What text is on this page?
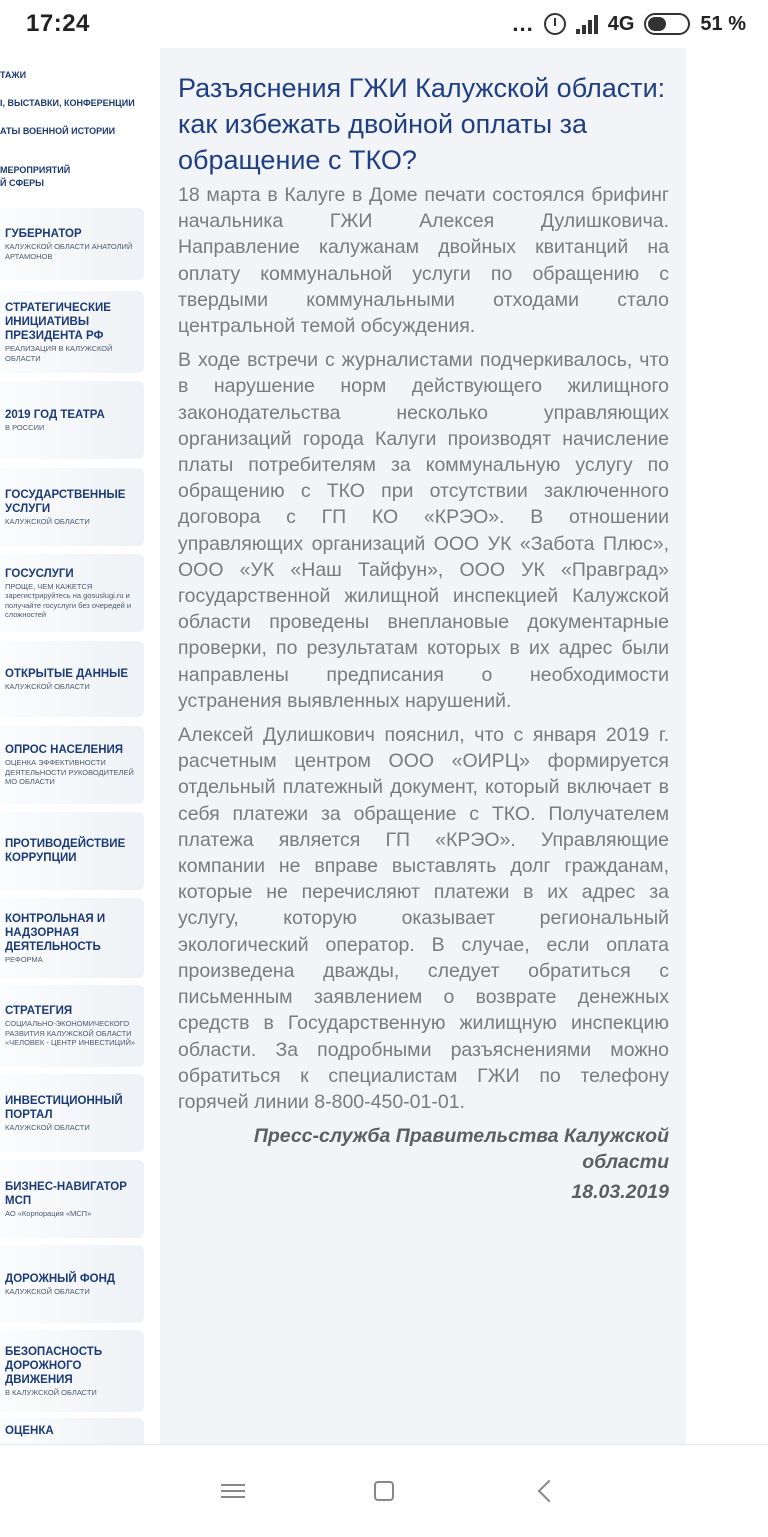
17:24	...	4G	51 %
ТАЖИ
І, ВЫСТАВКИ, КОНФЕРЕНЦИИ
АТЫ ВОЕННОЙ ИСТОРИИ
МЕРОПРИЯТИЙ
Й СФЕРЫ
ГУБЕРНАТОР
КАЛУЖСКОЙ ОБЛАСТИ АНАТОЛИЙ АРТАМОНОВ
СТРАТЕГИЧЕСКИЕ ИНИЦИАТИВЫ ПРЕЗИДЕНТА РФ
РЕАЛИЗАЦИЯ В КАЛУЖСКОЙ ОБЛАСТИ
2019 ГОД ТЕАТРА
В РОССИИ
ГОСУДАРСТВЕННЫЕ УСЛУГИ
КАЛУЖСКОЙ ОБЛАСТИ
ГОСУСЛУГИ
ПРОЩЕ, ЧЕМ КАЖЕТСЯ зарегистрируйтесь на gosuslugi.ru и получайте госуслуги без очередей и сложностей
ОТКРЫТЫЕ ДАННЫЕ
КАЛУЖСКОЙ ОБЛАСТИ
ОПРОС НАСЕЛЕНИЯ
ОЦЕНКА ЭФФЕКТИВНОСТИ ДЕЯТЕЛЬНОСТИ РУКОВОДИТЕЛЕЙ МО ОБЛАСТИ
ПРОТИВОДЕЙСТВИЕ КОРРУПЦИИ
КОНТРОЛЬНАЯ И НАДЗОРНАЯ ДЕЯТЕЛЬНОСТЬ
РЕФОРМА
СТРАТЕГИЯ
СОЦИАЛЬНО-ЭКОНОМИЧЕСКОГО РАЗВИТИЯ КАЛУЖСКОЙ ОБЛАСТИ «ЧЕЛОВЕК - ЦЕНТР ИНВЕСТИЦИЙ»
ИНВЕСТИЦИОННЫЙ ПОРТАЛ
КАЛУЖСКОЙ ОБЛАСТИ
БИЗНЕС-НАВИГАТОР МСП
АО «Корпорация «МСП»
ДОРОЖНЫЙ ФОНД
КАЛУЖСКОЙ ОБЛАСТИ
БЕЗОПАСНОСТЬ ДОРОЖНОГО ДВИЖЕНИЯ
В КАЛУЖСКОЙ ОБЛАСТИ
ОЦЕНКА
Разъяснения ГЖИ Калужской области: как избежать двойной оплаты за обращение с ТКО?

18 марта в Калуге в Доме печати состоялся брифинг начальника ГЖИ Алексея Дулишковича. Направление калужанам двойных квитанций на оплату коммунальной услуги по обращению с твердыми коммунальными отходами стало центральной темой обсуждения.

В ходе встречи с журналистами подчеркивалось, что в нарушение норм действующего жилищного законодательства несколько управляющих организаций города Калуги производят начисление платы потребителям за коммунальную услугу по обращению с ТКО при отсутствии заключенного договора с ГП КО «КРЭО». В отношении управляющих организаций ООО УК «Забота Плюс», ООО «УК «Наш Тайфун», ООО УК «Правград» государственной жилищной инспекцией Калужской области проведены внеплановые документарные проверки, по результатам которых в их адрес были направлены предписания о необходимости устранения выявленных нарушений.

Алексей Дулишкович пояснил, что с января 2019 г. расчетным центром ООО «ОИРЦ» формируется отдельный платежный документ, который включает в себя платежи за обращение с ТКО. Получателем платежа является ГП «КРЭО». Управляющие компании не вправе выставлять долг гражданам, которые не перечисляют платежи в их адрес за услугу, которую оказывает региональный экологический оператор. В случае, если оплата произведена дважды, следует обратиться с письменным заявлением о возврате денежных средств в Государственную жилищную инспекцию области. За подробными разъяснениями можно обратиться к специалистам ГЖИ по телефону горячей линии 8-800-450-01-01.

Пресс-служба Правительства Калужской области
18.03.2019
